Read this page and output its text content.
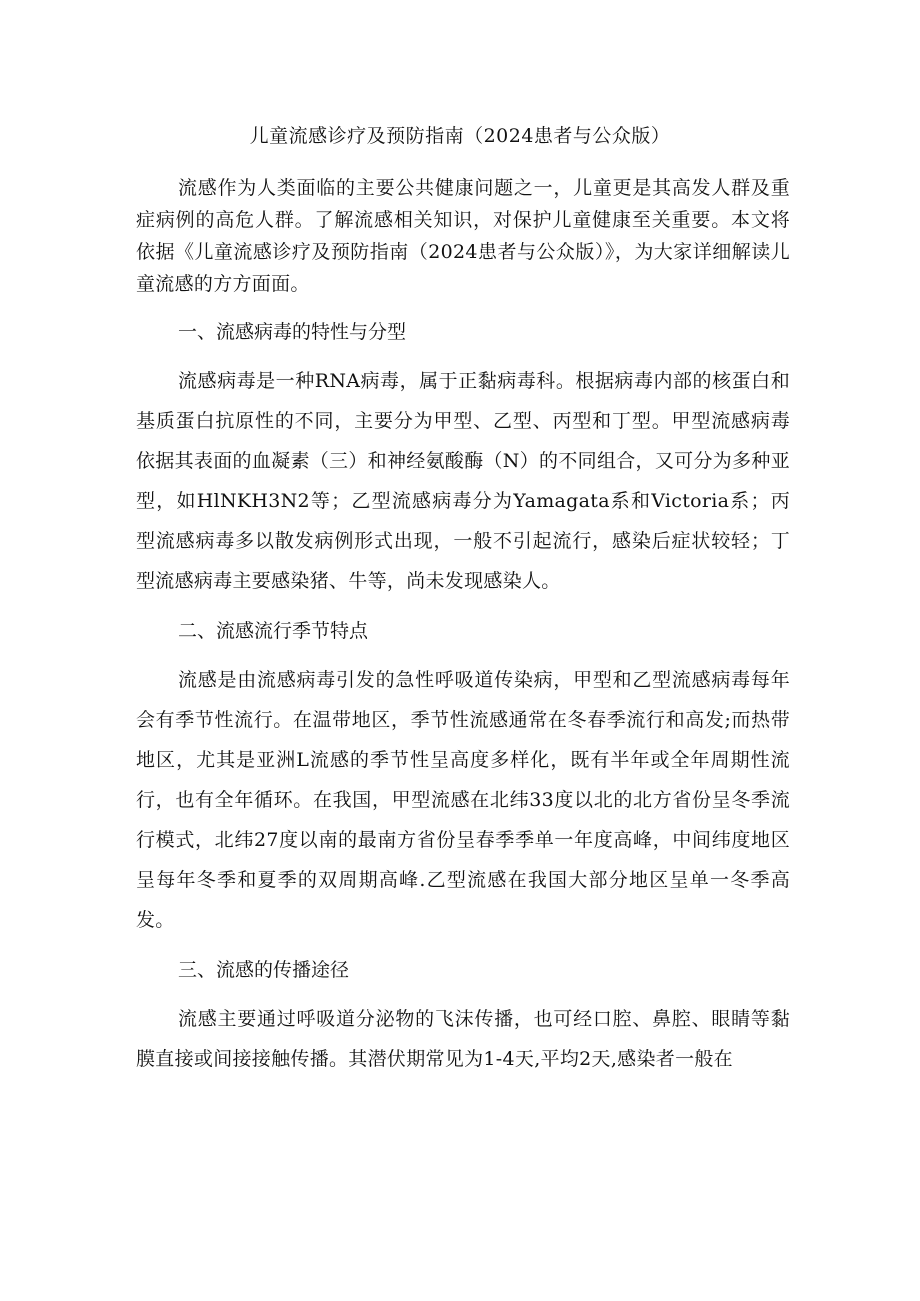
儿童流感诊疗及预防指南（2024患者与公众版）

流感作为人类面临的主要公共健康问题之一，儿童更是其高发人群及重症病例的高危人群。了解流感相关知识，对保护儿童健康至关重要。本文将依据《儿童流感诊疗及预防指南（2024患者与公众版）》，为大家详细解读儿童流感的方方面面。

一、流感病毒的特性与分型

流感病毒是一种RNA病毒，属于正黏病毒科。根据病毒内部的核蛋白和基质蛋白抗原性的不同，主要分为甲型、乙型、丙型和丁型。甲型流感病毒依据其表面的血凝素（三）和神经氨酸酶（N）的不同组合，又可分为多种亚型，如HlNKH3N2等；乙型流感病毒分为Yamagata系和Victoria系；丙型流感病毒多以散发病例形式出现，一般不引起流行，感染后症状较轻；丁型流感病毒主要感染猪、牛等，尚未发现感染人。

二、流感流行季节特点

流感是由流感病毒引发的急性呼吸道传染病，甲型和乙型流感病毒每年会有季节性流行。在温带地区，季节性流感通常在冬春季流行和高发;而热带地区，尤其是亚洲L流感的季节性呈高度多样化，既有半年或全年周期性流行，也有全年循环。在我国，甲型流感在北纬33度以北的北方省份呈冬季流行模式，北纬27度以南的最南方省份呈春季季单一年度高峰，中间纬度地区呈每年冬季和夏季的双周期高峰.乙型流感在我国大部分地区呈单一冬季高发。

三、流感的传播途径

流感主要通过呼吸道分泌物的飞沫传播，也可经口腔、鼻腔、眼睛等黏膜直接或间接接触传播。其潜伏期常见为1-4天,平均2天,感染者一般在
